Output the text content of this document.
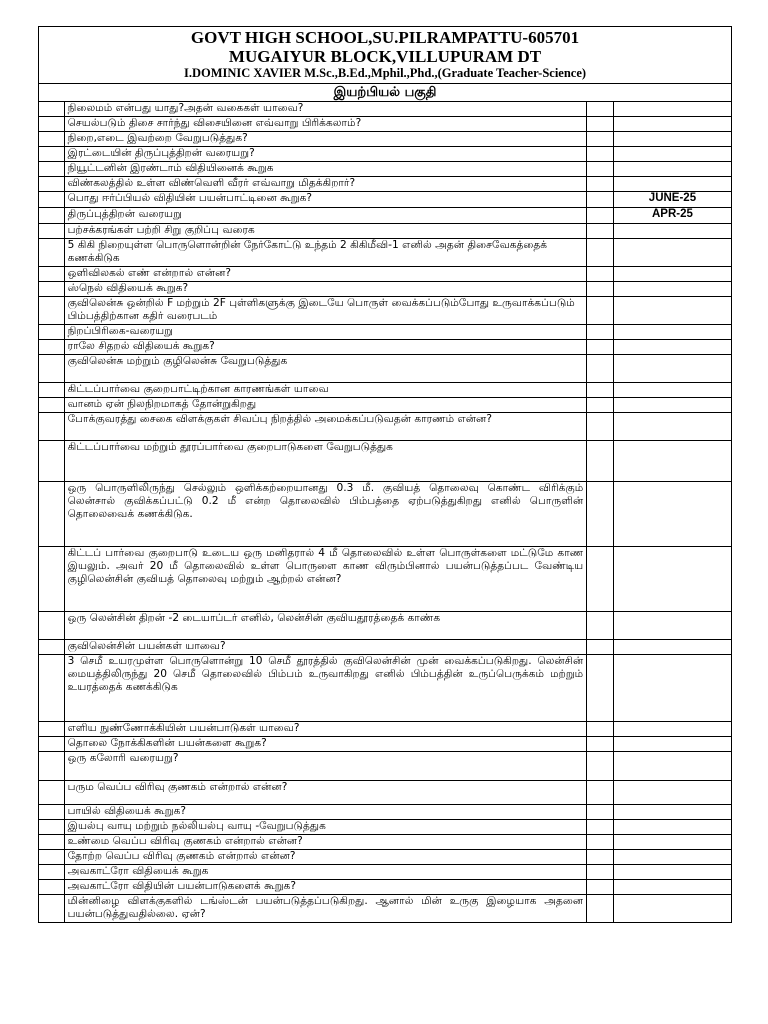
GOVT HIGH SCHOOL,SU.PILRAMPATTU-605701
MUGAIYUR BLOCK,VILLUPURAM DT
I.DOMINIC XAVIER M.Sc.,B.Ed.,Mphil.,Phd.,(Graduate Teacher-Science)
இயற்பியல் பகுதி
	நிலைமம் என்பது யாது?அதன் வகைகள் யாவை?		
	செயல்படும் திசை சார்ந்து விசையினை எவ்வாறு பிரிக்கலாம்?		
	நிறை,எடை இவற்றை வேறுபடுத்துக?		
	இரட்டையின் திருப்புத்திறன் வரையறு?		
	நியூட்டனின் இரண்டாம் விதியினைக் கூறுக		
	விண்கலத்தில் உள்ள விண்வெளி வீரர் எவ்வாறு மிதக்கிறார்?		
	பொது ஈர்ப்பியல் விதியின் பயன்பாட்டினை கூறுக?		JUNE-25
	திருப்புத்திறன் வரையறு		APR-25
	பற்சக்கரங்கள் பற்றி சிறு குறிப்பு வரைக		
	5 கிகி நிறையுள்ள பொருளொன்றின் நேர்கோட்டு உந்தம் 2 கிகிமீவி-1 எனில் அதன் திசைவேகத்தைக் கணக்கிடுக		
	ஒளிவிலகல் எண் என்றால் என்ன?		
	ஸ்நெல் விதியைக் கூறுக?		
	குவிலென்சு ஒன்றில் F மற்றும் 2F புள்ளிகளுக்கு இடையே பொருள் வைக்கப்படும்போது உருவாக்கப்படும் பிம்பத்திற்கான கதிர் வரைபடம்		
	நிறப்பிரிகை-வரையறு		
	ராலே சிதறல் விதியைக் கூறுக?		
	குவிலென்சு மற்றும் குழிலென்சு வேறுபடுத்துக		
	கிட்டப்பார்வை குறைபாட்டிற்கான காரணங்கள் யாவை		
	வானம் ஏன் நிலநிறமாகத் தோன்றுகிறது		
	போக்குவரத்து சைகை விளக்குகள் சிவப்பு நிறத்தில் அமைக்கப்படுவதன் காரணம் என்ன?		
	கிட்டப்பார்வை மற்றும் தூரப்பார்வை குறைபாடுகளை வேறுபடுத்துக		
	ஒரு பொருளிலிருந்து செல்லும் ஒளிக்கற்றையானது 0.3 மீ. குவியத் தொலைவு கொண்ட விரிக்கும் லென்சால் குவிக்கப்பட்டு 0.2 மீ என்ற தொலைவில் பிம்பத்தை ஏற்படுத்துகிறது எனில் பொருளின் தொலைவைக் கணக்கிடுக.		
	கிட்டப் பார்வை குறைபாடு உடைய ஒரு மனிதரால் 4 மீ தொலைவில் உள்ள பொருள்களை மட்டுமே காண இயலும். அவர் 20 மீ தொலைவில் உள்ள பொருளை காண விரும்பினால் பயன்படுத்தப்பட வேண்டிய குழிலென்சின் குவியத் தொலைவு மற்றும் ஆற்றல் என்ன?		
	ஒரு லென்சின் திறன் -2 டையாப்டர் எனில், லென்சின் குவியதூரத்தைக் காண்க		
	குவிலென்சின் பயன்கள் யாவை?		
	3 செமீ உயரமுள்ள பொருளொன்று 10 செமீ தூரத்தில் குவிலென்சின் முன் வைக்கப்படுகிறது. லென்சின் மையத்திலிருந்து 20 செமீ தொலைவில் பிம்பம் உருவாகிறது எனில் பிம்பத்தின் உருப்பெருக்கம் மற்றும் உயரத்தைக் கணக்கிடுக		
	எளிய நுண்ணோக்கியின் பயன்பாடுகள் யாவை?		
	தொலை நோக்கிகளின் பயன்களை கூறுக?		
	ஒரு கலோரி வரையறு?		
	பரும வெப்ப விரிவு குணகம் என்றால் என்ன?		
	பாயில் விதியைக் கூறுக?		
	இயல்பு வாயு மற்றும் நல்லியல்பு வாயு -வேறுபடுத்துக		
	உண்மை வெப்ப விரிவு குணகம் என்றால் என்ன?		
	தோற்ற வெப்ப விரிவு குணகம் என்றால் என்ன?		
	அவகாட்ரோ விதியைக் கூறுக		
	அவகாட்ரோ விதியின் பயன்பாடுகளைக் கூறுக?		
	மின்னிழை விளக்குகளில் டங்ஸ்டன் பயன்படுத்தப்படுகிறது. ஆனால் மின் உருகு இழையாக அதனை பயன்படுத்துவதில்லை. ஏன்?		
